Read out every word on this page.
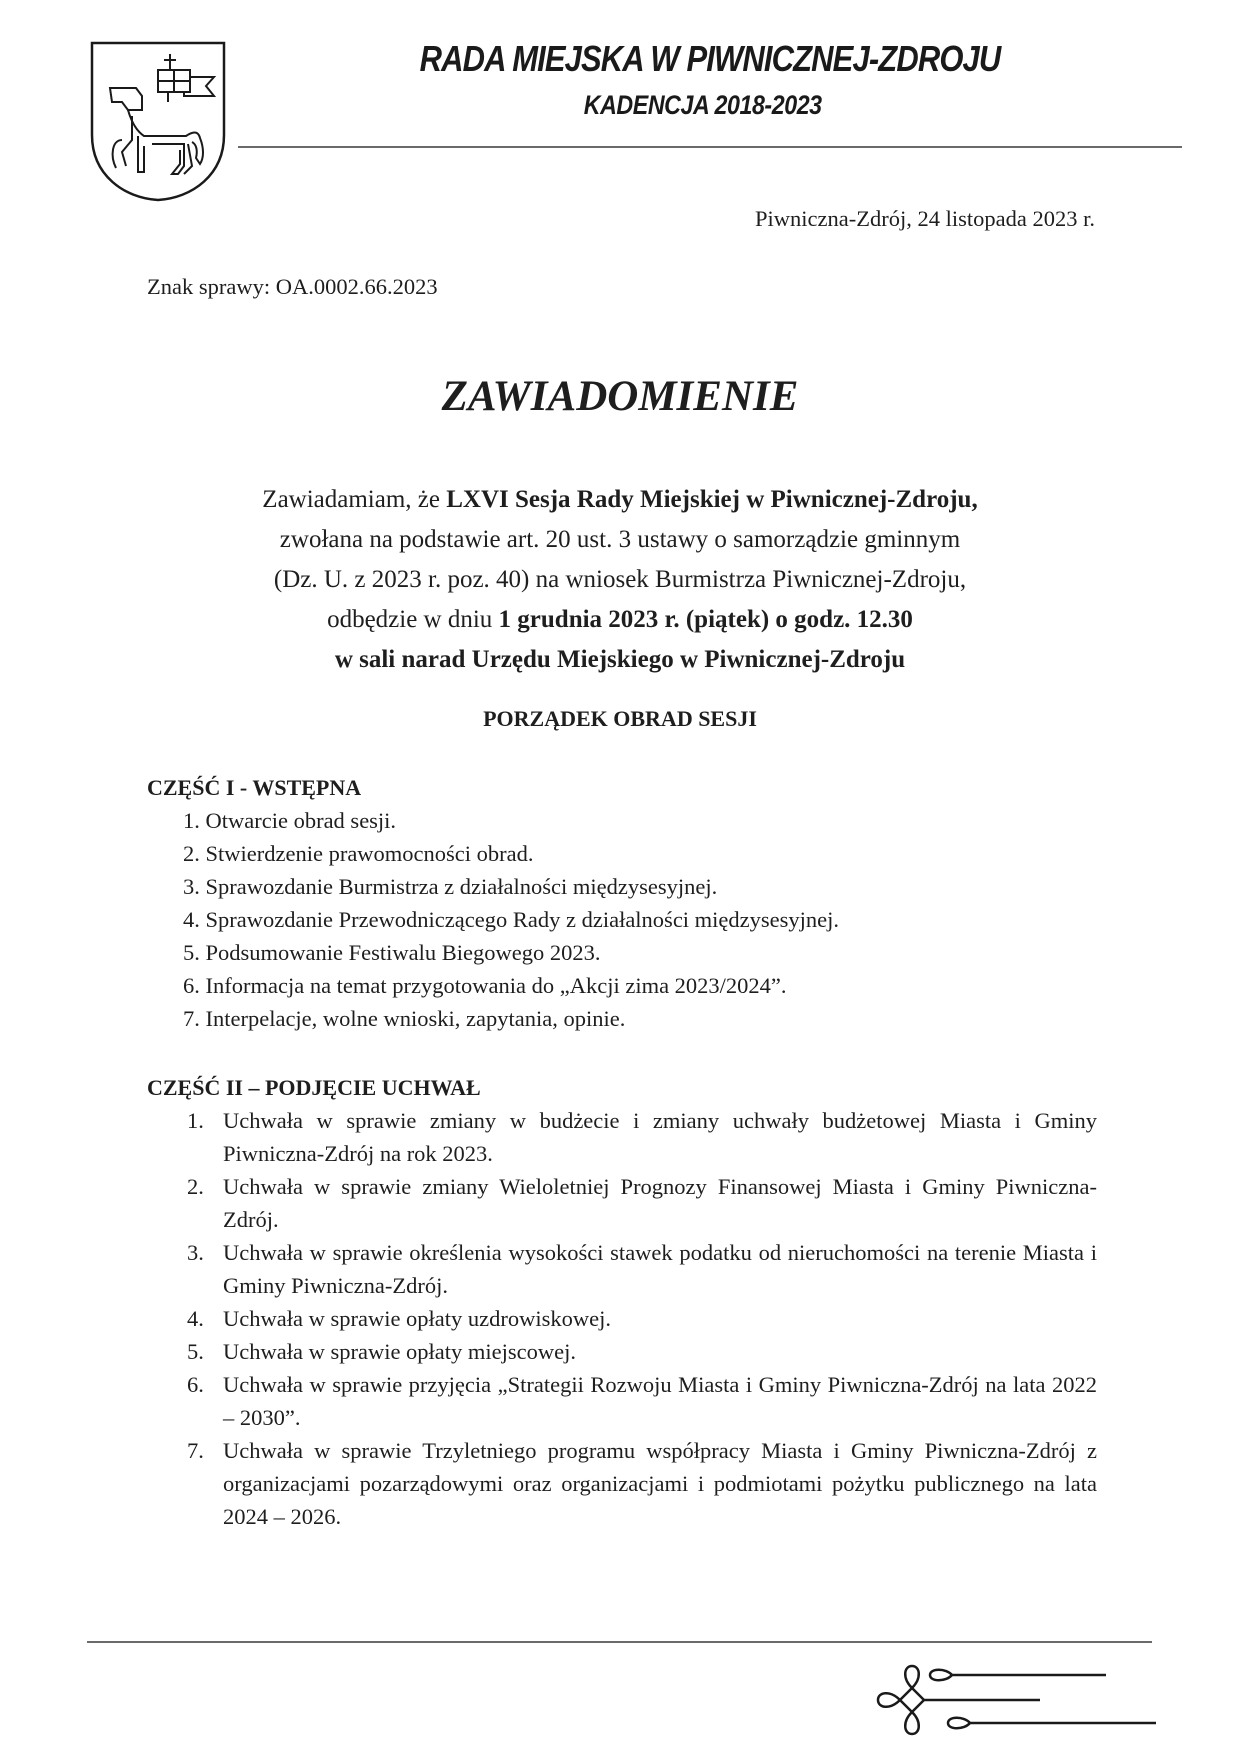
RADA MIEJSKA W PIWNICZNEJ-ZDROJU
KADENCJA 2018-2023
Piwniczna-Zdrój, 24 listopada 2023 r.
Znak sprawy: OA.0002.66.2023
ZAWIADOMIENIE
Zawiadamiam, że LXVI Sesja Rady Miejskiej w Piwnicznej-Zdroju,
zwołana na podstawie art. 20 ust. 3 ustawy o samorządzie gminnym
(Dz. U. z 2023 r. poz. 40) na wniosek Burmistrza Piwnicznej-Zdroju,
odbędzie w dniu 1 grudnia 2023 r. (piątek) o godz. 12.30
w sali narad Urzędu Miejskiego w Piwnicznej-Zdroju
PORZĄDEK OBRAD SESJI
CZĘŚĆ I - WSTĘPNA
1. Otwarcie obrad sesji.
2. Stwierdzenie prawomocności obrad.
3. Sprawozdanie Burmistrza z działalności międzysesyjnej.
4. Sprawozdanie Przewodniczącego Rady z działalności międzysesyjnej.
5. Podsumowanie Festiwalu Biegowego 2023.
6. Informacja na temat przygotowania do „Akcji zima 2023/2024”.
7. Interpelacje, wolne wnioski, zapytania, opinie.
CZĘŚĆ II – PODJĘCIE UCHWAŁ
1. Uchwała w sprawie zmiany w budżecie i zmiany uchwały budżetowej Miasta i Gminy Piwniczna-Zdrój na rok 2023.
2. Uchwała w sprawie zmiany Wieloletniej Prognozy Finansowej Miasta i Gminy Piwniczna-Zdrój.
3. Uchwała w sprawie określenia wysokości stawek podatku od nieruchomości na terenie Miasta i Gminy Piwniczna-Zdrój.
4. Uchwała w sprawie opłaty uzdrowiskowej.
5. Uchwała w sprawie opłaty miejscowej.
6. Uchwała w sprawie przyjęcia „Strategii Rozwoju Miasta i Gminy Piwniczna-Zdrój na lata 2022 – 2030”.
7. Uchwała w sprawie Trzyletniego programu współpracy Miasta i Gminy Piwniczna-Zdrój z organizacjami pozarządowymi oraz organizacjami i podmiotami pożytku publicznego na lata 2024 – 2026.
